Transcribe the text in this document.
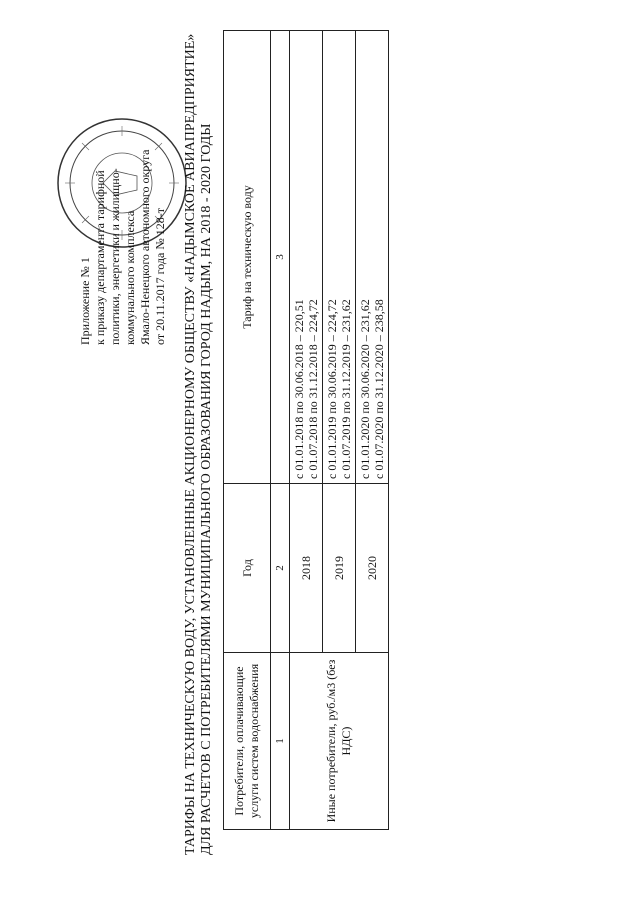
Приложение № 1 к приказу департамента тарифной политики, энергетики и жилищно- коммунального комплекса Ямало-Ненецкого автономного округа от 20.11.2017 года № 128-т ТАРИФЫ НА ТЕХНИЧЕСКУЮ ВОДУ, УСТАНОВЛЕННЫЕ АКЦИОНЕРНОМУ ОБЩЕСТВУ «НАДЫМСКОЕ АВИАПРЕДПРИЯТИЕ» ДЛЯ РАСЧЕТОВ С ПОТРЕБИТЕЛЯМИ МУНИЦИПАЛЬНОГО ОБРАЗОВАНИЯ ГОРОД НАДЫМ, НА 2018 - 2020 ГОДЫ Потребители, оплачивающие услуги систем водоснабжения	Год	Тариф на техническую воду
1	2	3
Иные потребители, руб./м3 (без НДС)	2018	с 01.01.2018 по 30.06.2018 – 220,51 с 01.07.2018 по 31.12.2018 – 224,72

	2019	с 01.01.2019 по 30.06.2019 – 224,72 с 01.07.2019 по 31.12.2019 – 231,62

	2020	с 01.01.2020 по 30.06.2020 – 231,62 с 01.07.2020 по 31.12.2020 – 238,58
